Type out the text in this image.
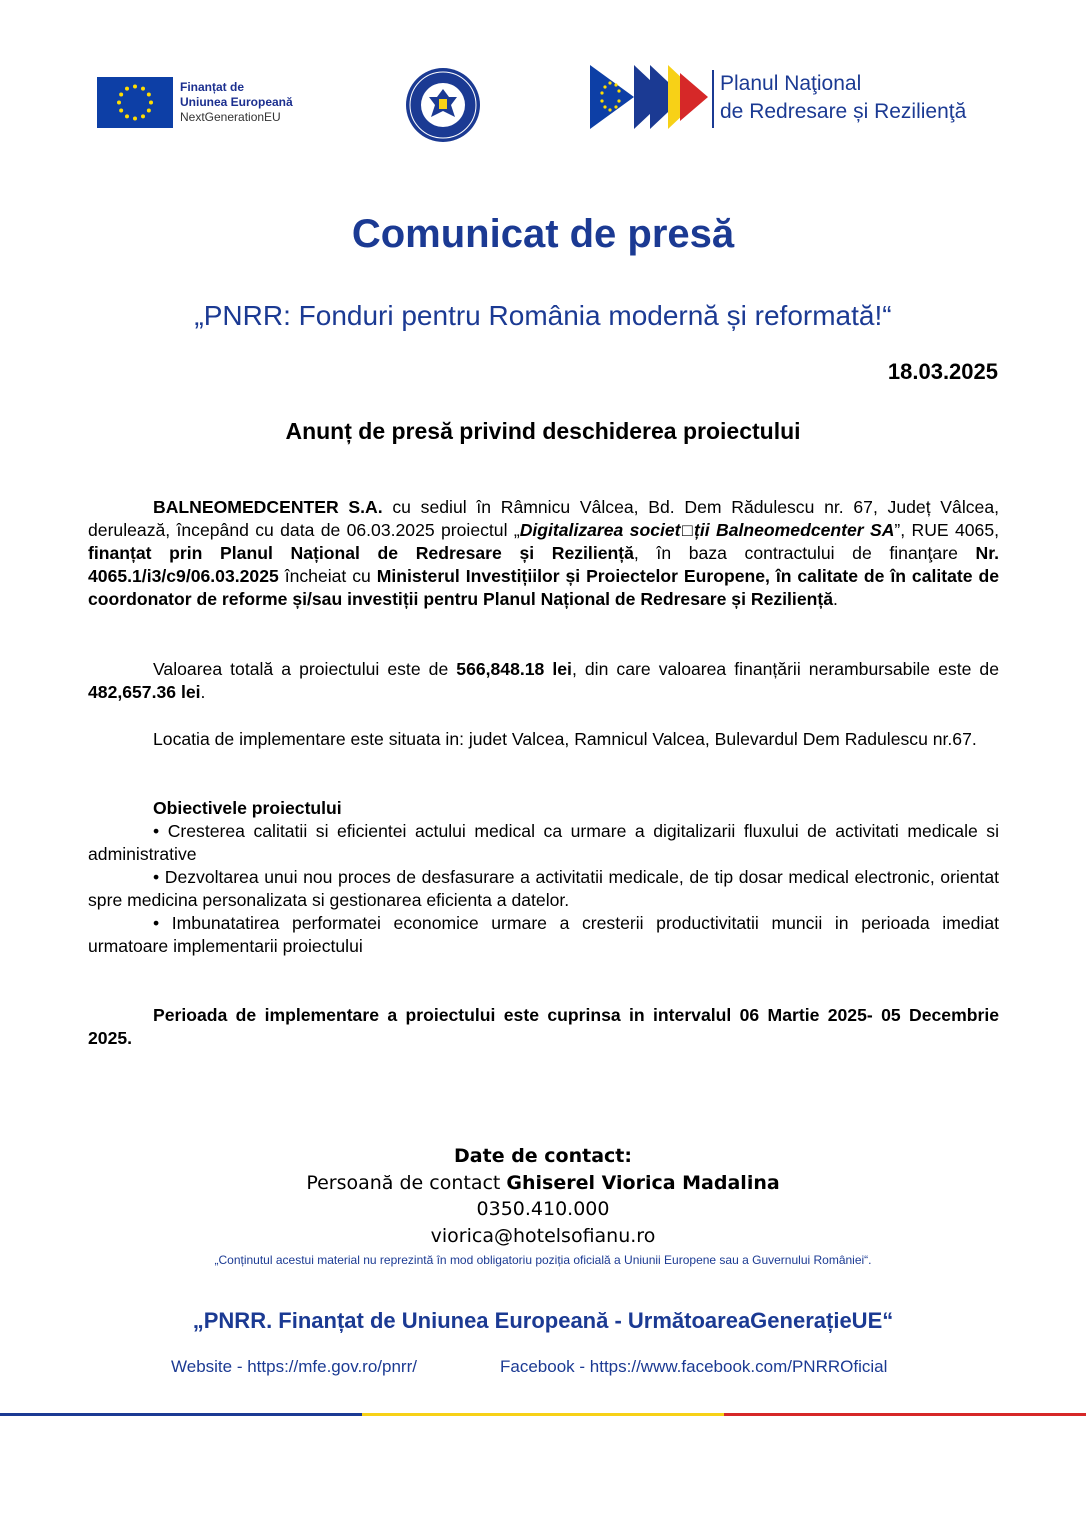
Finanțat de
Uniunea Europeană
NextGenerationEU
Planul Naţional
de Redresare și Rezilienţă
Comunicat de presă
„PNRR: Fonduri pentru România modernă și reformată!“
18.03.2025
Anunț de presă privind deschiderea proiectului

BALNEOMEDCENTER S.A. cu sediul în Râmnicu Vâlcea, Bd. Dem Rădulescu nr. 67, Județ Vâlcea, derulează, începând cu data de 06.03.2025 proiectul „Digitalizarea societ□ții Balneomedcenter SA”, RUE 4065, finanțat prin Planul Național de Redresare și Reziliență, în baza contractului de finanţare Nr. 4065.1/i3/c9/06.03.2025 încheiat cu Ministerul Investițiilor și Proiectelor Europene, în calitate de în calitate de coordonator de reforme și/sau investiții pentru Planul Național de Redresare și Reziliență.

Valoarea totală a proiectului este de 566,848.18 lei, din care valoarea finanțării nerambursabile este de 482,657.36 lei.

Locatia de implementare este situata in: judet Valcea, Ramnicul Valcea, Bulevardul Dem Radulescu nr.67.

Obiectivele proiectului

• Cresterea calitatii si eficientei actului medical ca urmare a digitalizarii fluxului de activitati medicale si administrative

• Dezvoltarea unui nou proces de desfasurare a activitatii medicale, de tip dosar medical electronic, orientat spre medicina personalizata si gestionarea eficienta a datelor.

• Imbunatatirea performatei economice urmare a cresterii productivitatii muncii in perioada imediat urmatoare implementarii proiectului

Perioada de implementare a proiectului este cuprinsa in intervalul 06 Martie 2025- 05 Decembrie 2025.

Date de contact:
Persoană de contact Ghiserel Viorica Madalina
0350.410.000
viorica@hotelsofianu.ro
„Conținutul acestui material nu reprezintă în mod obligatoriu poziția oficială a Uniunii Europene sau a Guvernului României“.
„PNRR. Finanțat de Uniunea Europeană - UrmătoareaGenerațieUE“
Website - https://mfe.gov.ro/pnrr/	Facebook - https://www.facebook.com/PNRROficial
